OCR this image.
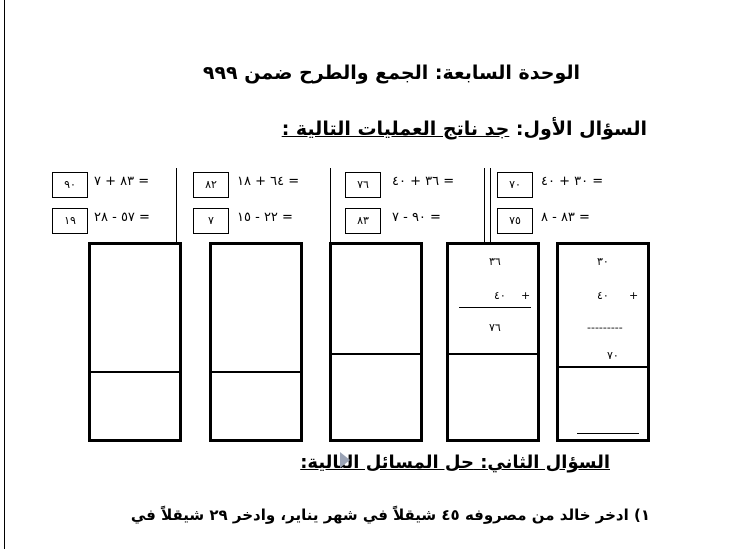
الوحدة السابعة: الجمع والطرح ضمن ٩٩٩
السؤال الأول: جد ناتج العمليات التالية :
٩٠	٨٣ + ٧ =
١٩	٥٧ - ٢٨ =
٨٢	٦٤ + ١٨ =
٧	٢٢ - ١٥ =
٧٦	٣٦ + ٤٠ =
٨٣	٩٠ - ٧ =
٧٠	٣٠ + ٤٠ =
٧٥	٨٣ - ٨ =
٣٦
٤٠ +
٧٦
٣٠
٤٠ +
---------
٧٠
السؤال الثاني: حل المسائل التالية:
١) ادخر خالد من مصروفه ٤٥ شيقلاً في شهر يناير، وادخر ٢٩ شيقلاً في
